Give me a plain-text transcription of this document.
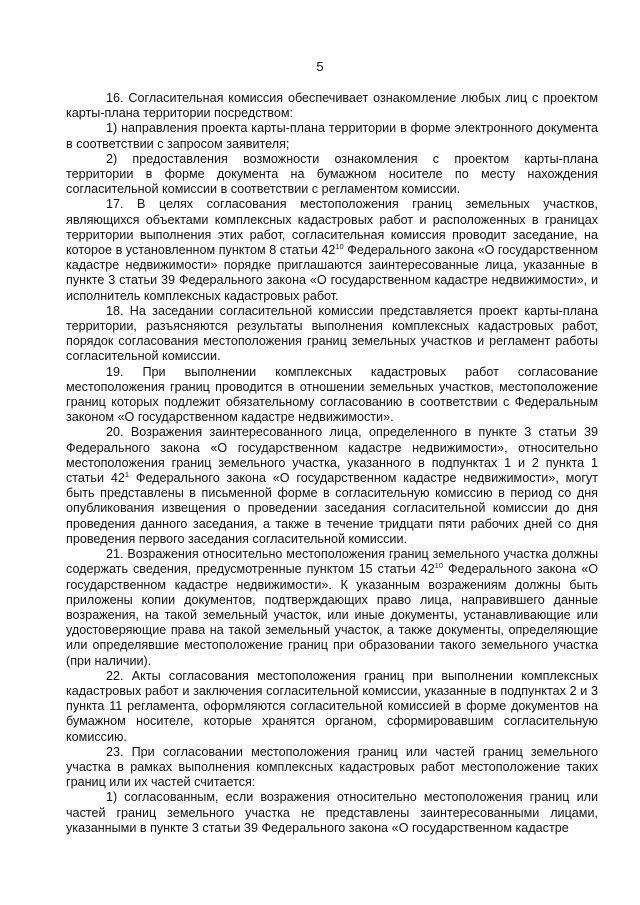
5

16. Согласительная комиссия обеспечивает ознакомление любых лиц с проектом карты-плана территории посредством:

1) направления проекта карты-плана территории в форме электронного документа в соответствии с запросом заявителя;

2) предоставления возможности ознакомления с проектом карты-плана территории в форме документа на бумажном носителе по месту нахождения согласительной комиссии в соответствии с регламентом комиссии.

17. В целях согласования местоположения границ земельных участков, являющихся объектами комплексных кадастровых работ и расположенных в границах территории выполнения этих работ, согласительная комиссия проводит заседание, на которое в установленном пунктом 8 статьи $42^{10}$ Федерального закона «О государственном кадастре недвижимости» порядке приглашаются заинтересованные лица, указанные в пункте 3 статьи 39 Федерального закона «О государственном кадастре недвижимости», и исполнитель комплексных кадастровых работ.

18. На заседании согласительной комиссии представляется проект карты-плана территории, разъясняются результаты выполнения комплексных кадастровых работ, порядок согласования местоположения границ земельных участков и регламент работы согласительной комиссии.

19. При выполнении комплексных кадастровых работ согласование местоположения границ проводится в отношении земельных участков, местоположение границ которых подлежит обязательному согласованию в соответствии с Федеральным законом «О государственном кадастре недвижимости».

20. Возражения заинтересованного лица, определенного в пункте 3 статьи 39 Федерального закона «О государственном кадастре недвижимости», относительно местоположения границ земельного участка, указанного в подпунктах 1 и 2 пункта 1 статьи $42^1$ Федерального закона «О государственном кадастре недвижимости», могут быть представлены в письменной форме в согласительную комиссию в период со дня опубликования извещения о проведении заседания согласительной комиссии до дня проведения данного заседания, а также в течение тридцати пяти рабочих дней со дня проведения первого заседания согласительной комиссии.

21. Возражения относительно местоположения границ земельного участка должны содержать сведения, предусмотренные пунктом 15 статьи $42^{10}$ Федерального закона «О государственном кадастре недвижимости». К указанным возражениям должны быть приложены копии документов, подтверждающих право лица, направившего данные возражения, на такой земельный участок, или иные документы, устанавливающие или удостоверяющие права на такой земельный участок, а также документы, определяющие или определявшие местоположение границ при образовании такого земельного участка (при наличии).

22. Акты согласования местоположения границ при выполнении комплексных кадастровых работ и заключения согласительной комиссии, указанные в подпунктах 2 и 3 пункта 11 регламента, оформляются согласительной комиссией в форме документов на бумажном носителе, которые хранятся органом, сформировавшим согласительную комиссию.

23. При согласовании местоположения границ или частей границ земельного участка в рамках выполнения комплексных кадастровых работ местоположение таких границ или их частей считается:

1) согласованным, если возражения относительно местоположения границ или частей границ земельного участка не представлены заинтересованными лицами, указанными в пункте 3 статьи 39 Федерального закона «О государственном кадастре
